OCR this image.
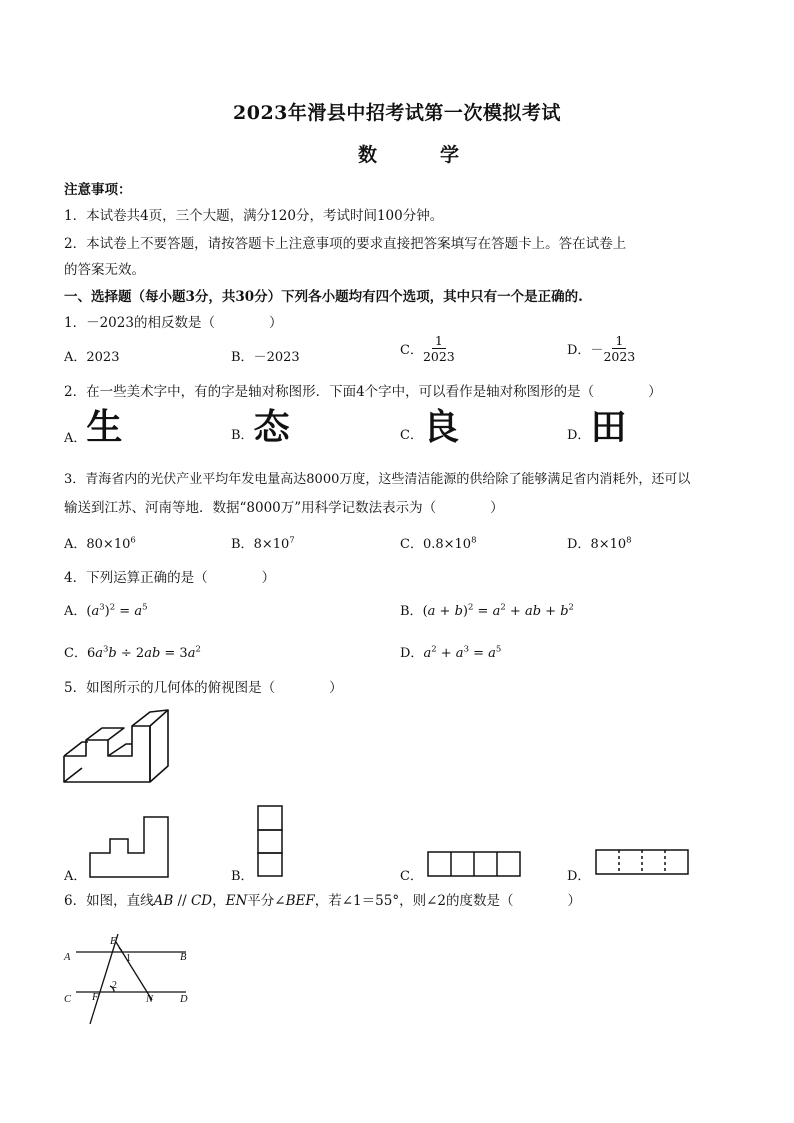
2023年滑县中招考试第一次模拟考试
数　学
注意事项：
1．本试卷共4页，三个大题，满分120分，考试时间100分钟。
2．本试卷上不要答题，请按答题卡上注意事项的要求直接把答案填写在答题卡上。答在试卷上
的答案无效。
一、选择题（每小题3分，共30分）下列各小题均有四个选项，其中只有一个是正确的.
1．－2023的相反数是（　　　　）
A．2023	B．－2023	C． $\frac{1}{2023}$	D．－ $\frac{1}{2023}$
2．在一些美术字中，有的字是轴对称图形．下面4个字中，可以看作是轴对称图形的是（　　　　）
A．生	B．态	C．良	D．田
3．青海省内的光伏产业平均年发电量高达8000万度，这些清洁能源的供给除了能够满足省内消耗外，还可以
输送到江苏、河南等地．数据“8000万”用科学记数法表示为（　　　　）
A．$80\times 10^6$	B．$8\times 10^7$	C．$0.8\times 10^8$	D．$8\times 10^8$
4．下列运算正确的是（　　　　）
A．$(a^3)^2 = a^5$	B．$(a + b)^2 = a^2$ + ab + $b^2$
C．$6a^3b \div 2ab = 3a^2$	D．$a^2 + a^3 = a^5$
5．如图所示的几何体的俯视图是（　　　　）
A．	B．	C．	D．
6．如图，直线AB // CD，EN平分∠BEF，若∠1＝55°，则∠2的度数是（　　　　）
A	B
C	D
E
F	N
1
2
